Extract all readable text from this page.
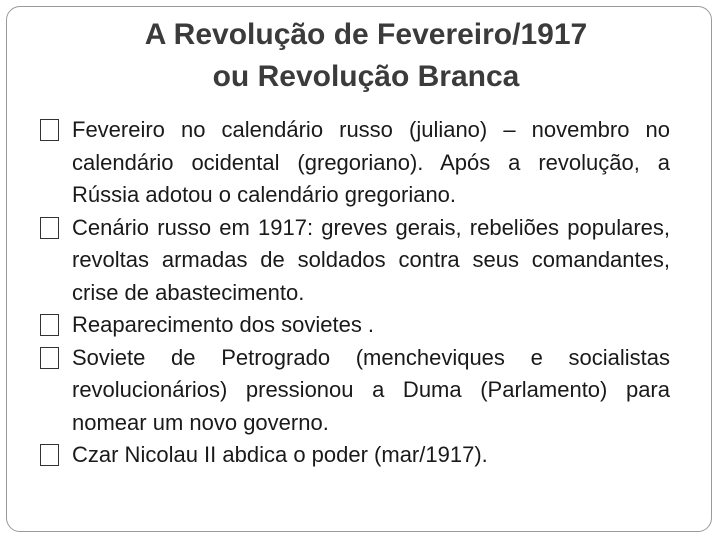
A Revolução de Fevereiro/1917
ou Revolução Branca
Fevereiro no calendário russo (juliano) – novembro no calendário ocidental (gregoriano). Após a revolução, a Rússia adotou o calendário gregoriano.
Cenário russo em 1917: greves gerais, rebeliões populares, revoltas armadas de soldados contra seus comandantes, crise de abastecimento.
Reaparecimento dos sovietes .
Soviete de Petrogrado (mencheviques e socialistas revolucionários) pressionou a Duma (Parlamento) para nomear um novo governo.
Czar Nicolau II abdica o poder (mar/1917).
